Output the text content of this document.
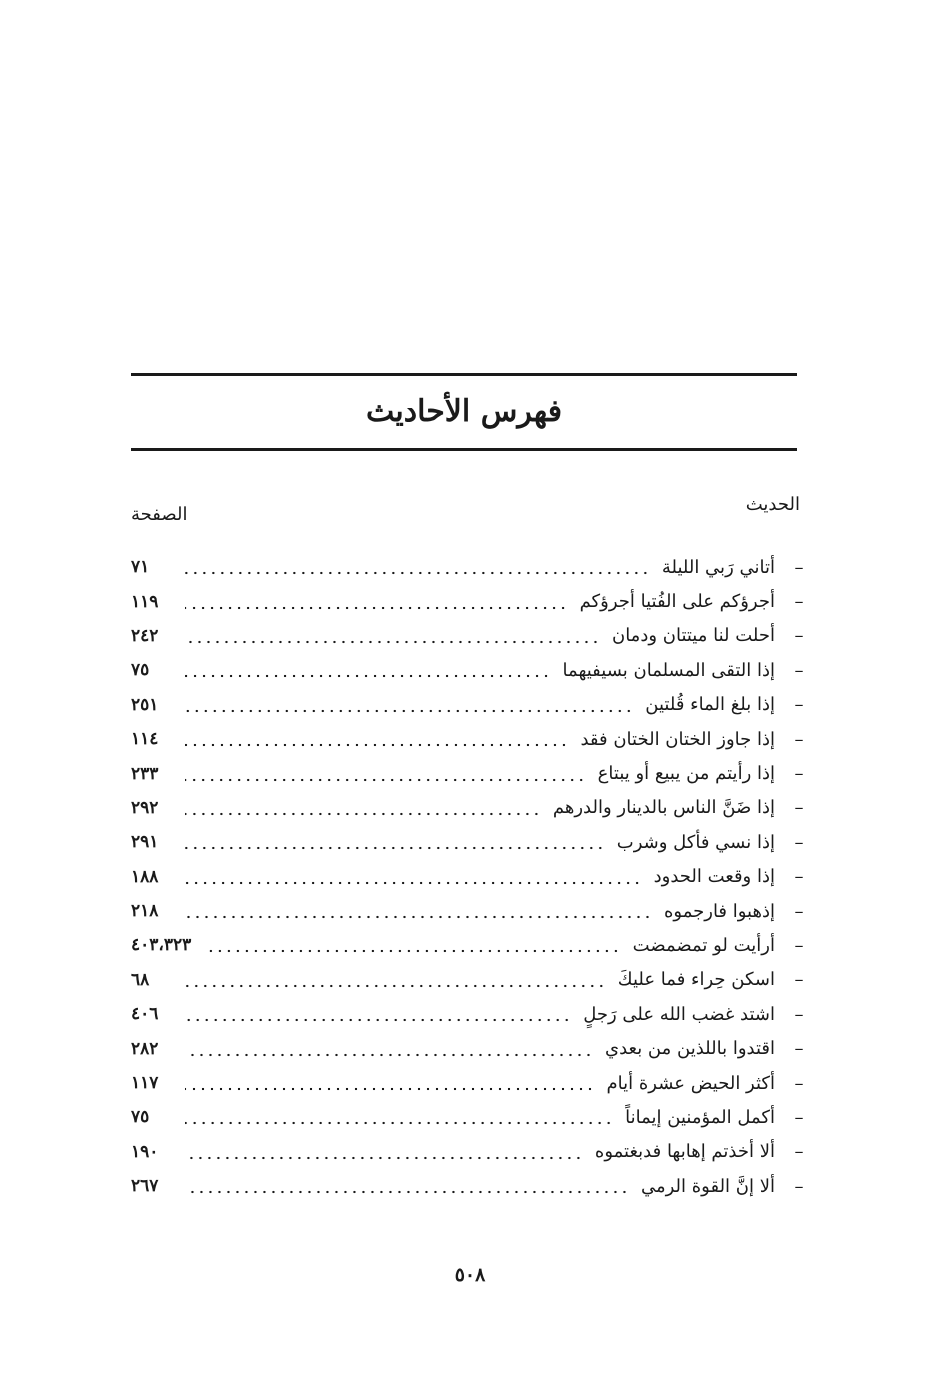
فهرس الأحاديث
الحديث
الصفحة
–
أتاني رَبي الليلة
٧١
–
أجرؤكم على الفُتيا أجرؤكم
١١٩
–
أحلت لنا ميتتان ودمان
٢٤٢
–
إذا التقى المسلمان بسيفيهما
٧٥
–
إذا بلغ الماء قُلتين
٢٥١
–
إذا جاوز الختان الختان فقد
١١٤
–
إذا رأيتم من يبيع أو يبتاع
٢٣٣
–
إذا ضَنَّ الناس بالدينار والدرهم
٢٩٢
–
إذا نسي فأكل وشرب
٢٩١
–
إذا وقعت الحدود
١٨٨
–
إذهبوا فارجموه
٢١٨
–
أرأيت لو تمضمضت
٤٠٣،٣٢٣
–
اسكن حِراء فما عليكَ
٦٨
–
اشتد غضب الله على رَجلٍ
٤٠٦
–
اقتدوا باللذين من بعدي
٢٨٢
–
أكثر الحيض عشرة أيام
١١٧
–
أكمل المؤمنين إيماناً
٧٥
–
ألا أخذتم إهابها فدبغتموه
١٩٠
–
ألا إنَّ القوة الرمي
٢٦٧
٥٠٨
